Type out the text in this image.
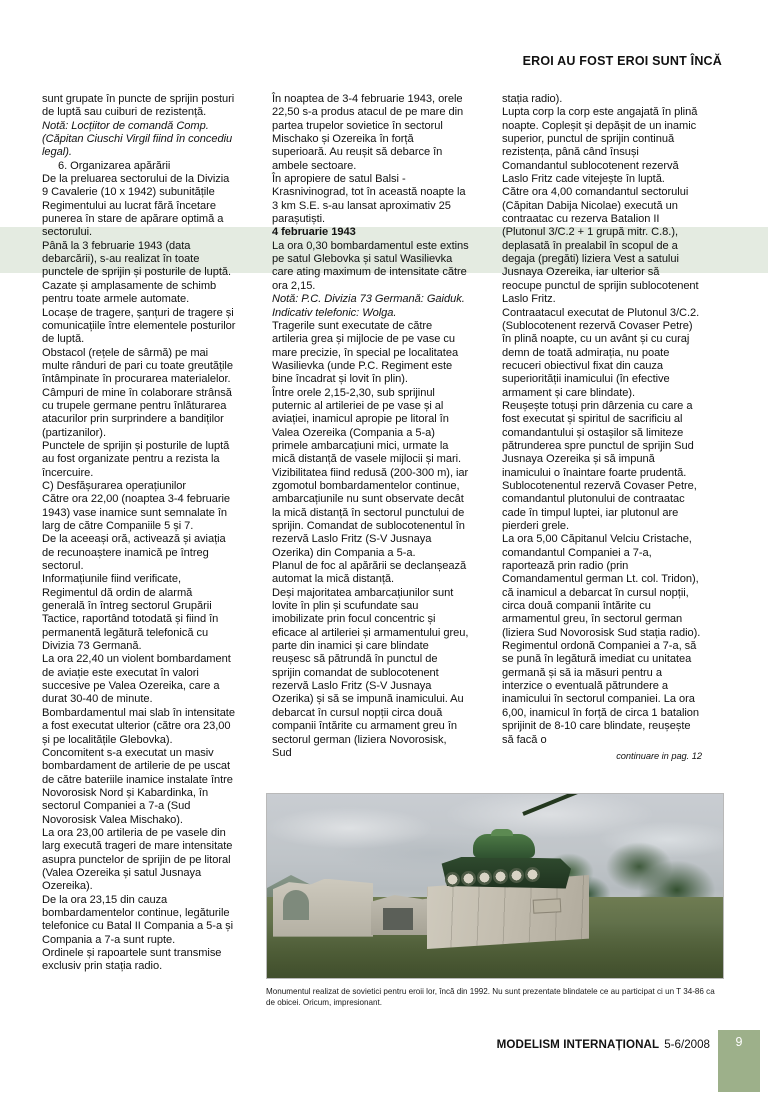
EROI AU FOST EROI SUNT ÎNCĂ

sunt grupate în puncte de sprijin posturi de luptă sau cuiburi de rezistență.

Notă: Locțiitor de comandă Comp. (Căpitan Ciuschi Virgil fiind în concediu legal).

6. Organizarea apărării

De la preluarea sectorului de la Divizia 9 Cavalerie (10 x 1942) subunitățile Regimentului au lucrat fără încetare punerea în stare de apărare optimă a sectorului.

Până la 3 februarie 1943 (data debarcării), s-au realizat în toate punctele de sprijin și posturile de luptă.

Cazate și amplasamente de schimb pentru toate armele automate.

Locașe de tragere, șanțuri de tragere și comunicațiile între elementele posturilor de luptă.

Obstacol (rețele de sârmă) pe mai multe rânduri de pari cu toate greutățile întâmpinate în procurarea materialelor.

Câmpuri de mine în colaborare strânsă cu trupele germane pentru înlăturarea atacurilor prin surprindere a bandiților (partizanilor).

Punctele de sprijin și posturile de luptă au fost organizate pentru a rezista la încercuire.

C) Desfășurarea operațiunilor

Către ora 22,00 (noaptea 3-4 februarie 1943) vase inamice sunt semnalate în larg de către Companiile 5 și 7.

De la aceeași oră, activează și aviația de recunoaștere inamică pe întreg sectorul.

Informațiunile fiind verificate, Regimentul dă ordin de alarmă generală în întreg sectorul Grupării Tactice, raportând totodată și fiind în permanentă legătură telefonică cu Divizia 73 Germană.

La ora 22,40 un violent bombardament de aviație este executat în valori succesive pe Valea Ozereika, care a durat 30-40 de minute. Bombardamentul mai slab în intensitate a fost executat ulterior (către ora 23,00 și pe localitățile Glebovka).

Concomitent s-a executat un masiv bombardament de artilerie de pe uscat de către bateriile inamice instalate între Novorosisk Nord și Kabardinka, în sectorul Companiei a 7-a (Sud Novorosisk Valea Mischako).

La ora 23,00 artileria de pe vasele din larg execută trageri de mare intensitate asupra punctelor de sprijin de pe litoral (Valea Ozereika și satul Jusnaya Ozereika).

De la ora 23,15 din cauza bombardamentelor continue, legăturile telefonice cu Batal II Compania a 5-a și Compania a 7-a sunt rupte.

Ordinele și rapoartele sunt transmise exclusiv prin stația radio.

În noaptea de 3-4 februarie 1943, orele 22,50 s-a produs atacul de pe mare din partea trupelor sovietice în sectorul Mischako și Ozereika în forță superioară. Au reușit să debarce în ambele sectoare.

În apropiere de satul Balsi - Krasnivinograd, tot în această noapte la 3 km S.E. s-au lansat aproximativ 25 parașutiști.

4 februarie 1943

La ora 0,30 bombardamentul este extins pe satul Glebovka și satul Wasilievka care ating maximum de intensitate către ora 2,15.

Notă: P.C. Divizia 73 Germană: Gaiduk. Indicativ telefonic: Wolga.

Tragerile sunt executate de către artileria grea și mijlocie de pe vase cu mare precizie, în special pe localitatea Wasilievka (unde P.C. Regiment este bine încadrat și lovit în plin).

Între orele 2,15-2,30, sub sprijinul puternic al artileriei de pe vase și al aviației, inamicul apropie pe litoral în Valea Ozereika (Compania a 5-a) primele ambarcațiuni mici, urmate la mică distanță de vasele mijlocii și mari.

Vizibilitatea fiind redusă (200-300 m), iar zgomotul bombardamentelor continue, ambarcațiunile nu sunt observate decât la mică distanță în sectorul punctului de sprijin. Comandat de sublocotenentul în rezervă Laslo Fritz (S-V Jusnaya Ozerika) din Compania a 5-a.

Planul de foc al apărării se declanșează automat la mică distanță.

Deși majoritatea ambarcațiunilor sunt lovite în plin și scufundate sau imobilizate prin focul concentric și eficace al artileriei și armamentului greu, parte din inamici și care blindate reușesc să pătrundă în punctul de sprijin comandat de sublocotenent rezervă Laslo Fritz (S-V Jusnaya Ozerika) și să se impună inamicului. Au debarcat în cursul nopții circa două companii întărite cu armament greu în sectorul german (liziera Novorosisk, Sud

stația radio).

Lupta corp la corp este angajată în plină noapte. Copleșit și depășit de un inamic superior, punctul de sprijin continuă rezistența, până când însuși Comandantul sublocotenent rezervă Laslo Fritz cade vitejește în luptă.

Către ora 4,00 comandantul sectorului (Căpitan Dabija Nicolae) execută un contraatac cu rezerva Batalion II (Plutonul 3/C.2 + 1 grupă mitr. C.8.), deplasată în prealabil în scopul de a degaja (pregăti) liziera Vest a satului Jusnaya Ozereika, iar ulterior să reocupe punctul de sprijin sublocotenent Laslo Fritz.

Contraatacul executat de Plutonul 3/C.2. (Sublocotenent rezervă Covaser Petre) în plină noapte, cu un avânt și cu curaj demn de toată admirația, nu poate recuceri obiectivul fixat din cauza superiorității inamicului (în efective armament și care blindate).

Reușește totuși prin dârzenia cu care a fost executat și spiritul de sacrificiu al comandantului și ostașilor să limiteze pătrunderea spre punctul de sprijin Sud Jusnaya Ozereika și să impună inamicului o înaintare foarte prudentă.

Sublocotenentul rezervă Covaser Petre, comandantul plutonului de contraatac cade în timpul luptei, iar plutonul are pierderi grele.

La ora 5,00 Căpitanul Velciu Cristache, comandantul Companiei a 7-a, raportează prin radio (prin Comandamentul german Lt. col. Tridon), că inamicul a debarcat în cursul nopții, circa două companii întărite cu armamentul greu, în sectorul german (liziera Sud Novorosisk Sud stația radio).

Regimentul ordonă Companiei a 7-a, să se pună în legătură imediat cu unitatea germană și să ia măsuri pentru a interzice o eventuală pătrundere a inamicului în sectorul companiei. La ora 6,00, inamicul în forță de circa 1 batalion sprijinit de 8-10 care blindate, reușește să facă o

continuare in pag. 12

Monumentul realizat de sovietici pentru eroii lor, încă din 1992. Nu sunt prezentate blindatele ce au participat ci un T 34-86 ca de obicei. Oricum, impresionant.
MODELISM INTERNAȚIONAL 5-6/2008	9
